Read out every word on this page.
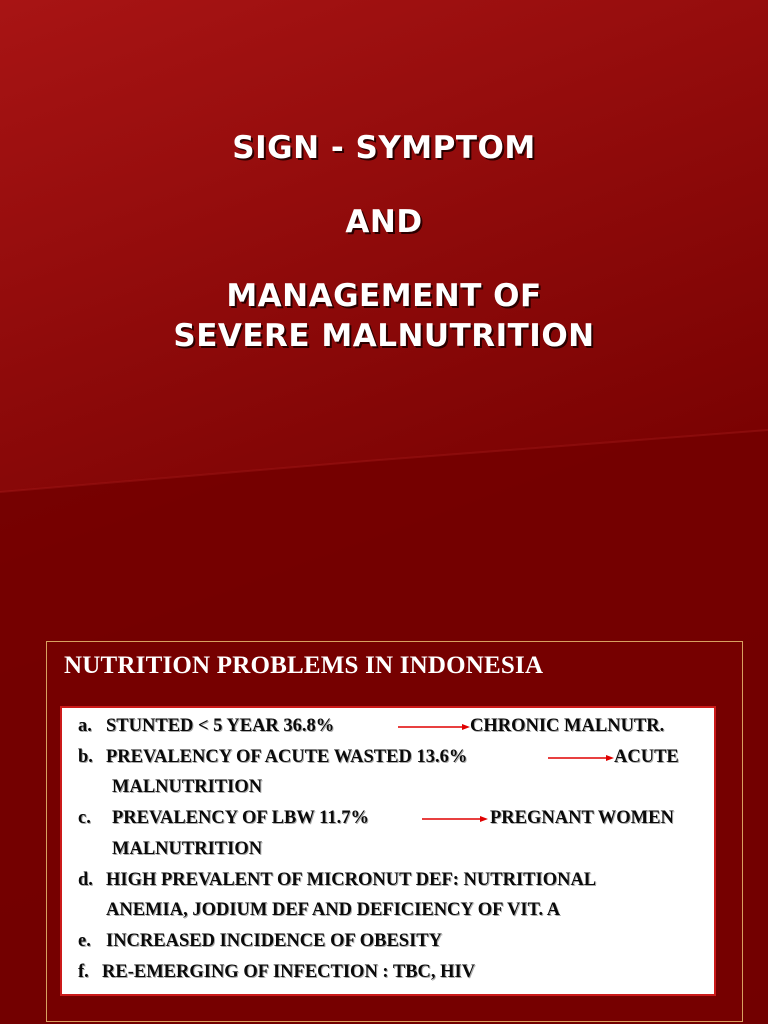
SIGN - SYMPTOM
AND
MANAGEMENT OF
SEVERE MALNUTRITION
NUTRITION PROBLEMS IN INDONESIA
a. STUNTED < 5 YEAR 36.8%	CHRONIC MALNUTR.
b. PREVALENCY OF ACUTE WASTED 13.6%	ACUTE
MALNUTRITION
c. PREVALENCY OF LBW 11.7%	PREGNANT WOMEN
MALNUTRITION
d. HIGH PREVALENT OF MICRONUT DEF: NUTRITIONAL
ANEMIA, JODIUM DEF AND DEFICIENCY OF VIT. A
e. INCREASED INCIDENCE OF OBESITY
f. RE-EMERGING OF INFECTION : TBC, HIV
